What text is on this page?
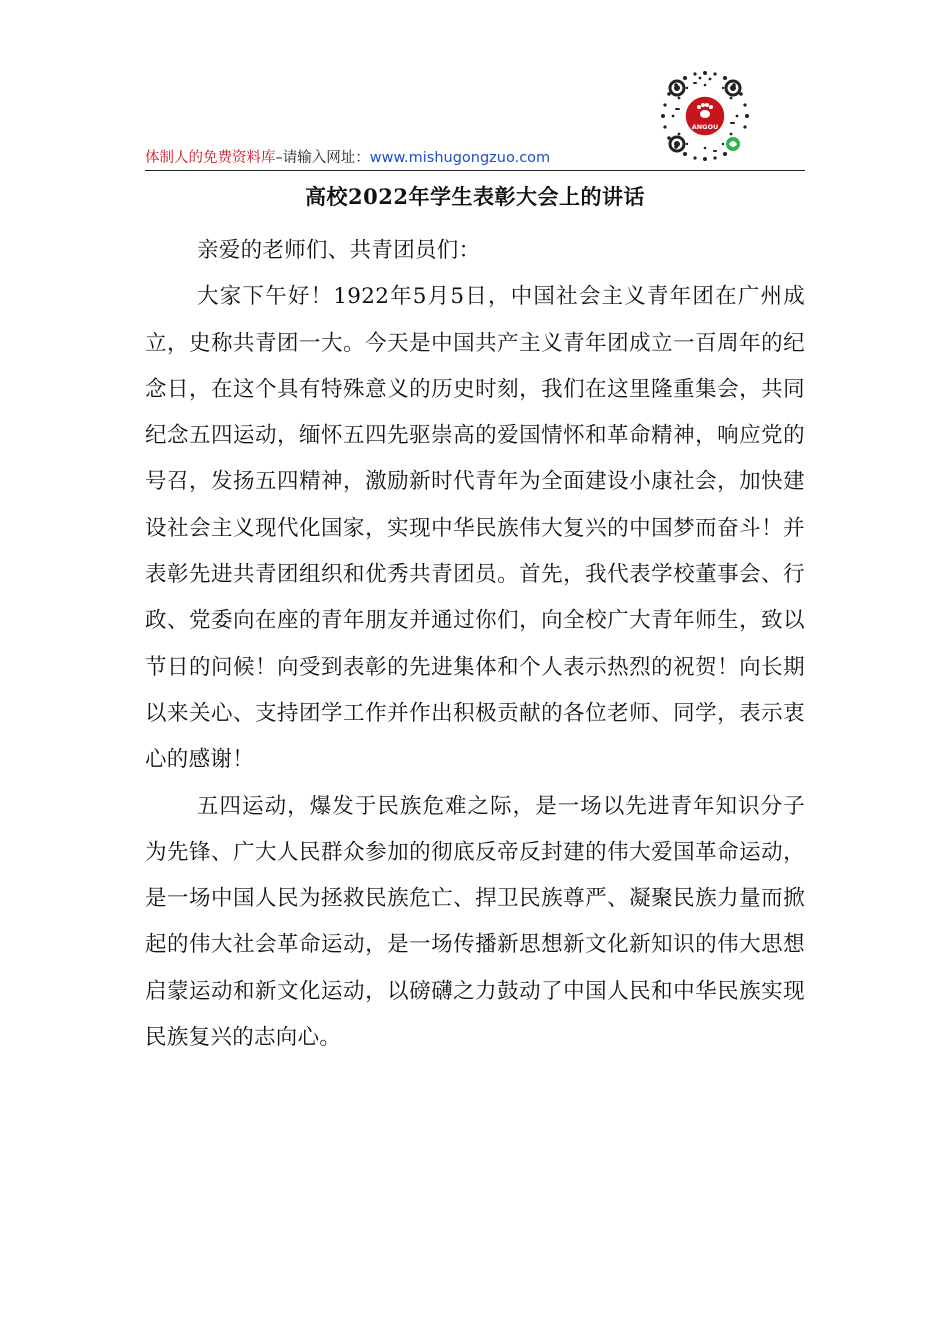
ANGOU
体制人的免费资料库–请输入网址：www.mishugongzuo.com
高校2022年学生表彰大会上的讲话

亲爱的老师们、共青团员们：

大家下午好！1922年5月5日，中国社会主义青年团在广州成立，史称共青团一大。今天是中国共产主义青年团成立一百周年的纪念日，在这个具有特殊意义的历史时刻，我们在这里隆重集会，共同纪念五四运动，缅怀五四先驱崇高的爱国情怀和革命精神，响应党的号召，发扬五四精神，激励新时代青年为全面建设小康社会，加快建设社会主义现代化国家，实现中华民族伟大复兴的中国梦而奋斗！并表彰先进共青团组织和优秀共青团员。首先，我代表学校董事会、行政、党委向在座的青年朋友并通过你们，向全校广大青年师生，致以节日的问候！向受到表彰的先进集体和个人表示热烈的祝贺！向长期以来关心、支持团学工作并作出积极贡献的各位老师、同学，表示衷心的感谢！

五四运动，爆发于民族危难之际，是一场以先进青年知识分子为先锋、广大人民群众参加的彻底反帝反封建的伟大爱国革命运动，是一场中国人民为拯救民族危亡、捍卫民族尊严、凝聚民族力量而掀起的伟大社会革命运动，是一场传播新思想新文化新知识的伟大思想启蒙运动和新文化运动，以磅礴之力鼓动了中国人民和中华民族实现民族复兴的志向心。
